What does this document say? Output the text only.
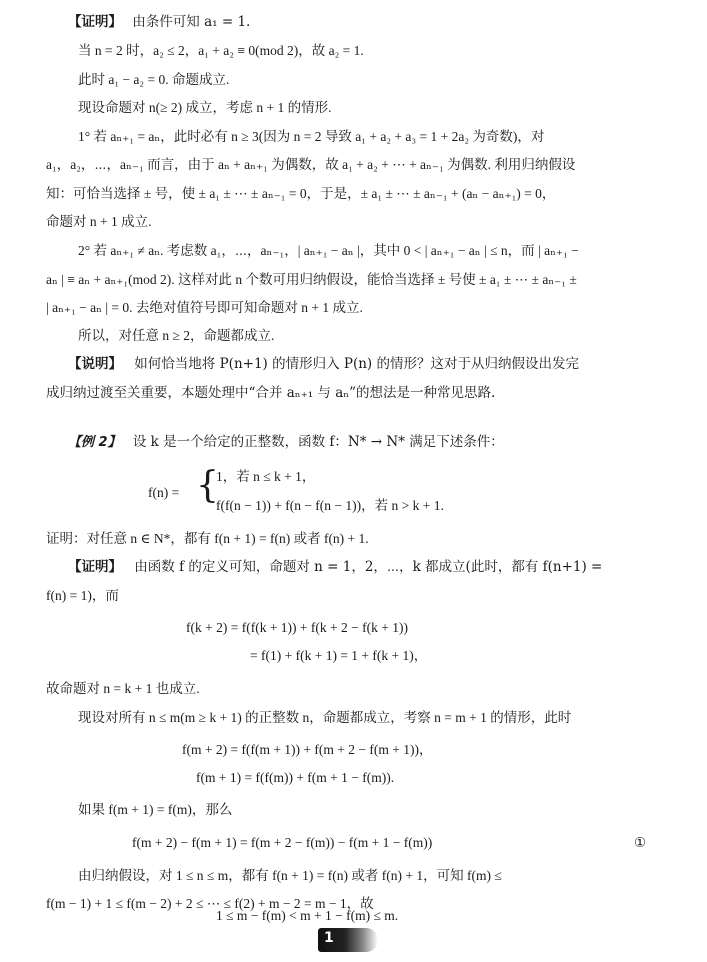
【证明】 由条件可知 a₁ = 1.
当 n = 2 时，a₂ ≤ 2，a₁ + a₂ ≡ 0(mod 2)，故 a₂ = 1.
此时 a₁ − a₂ = 0. 命题成立.
现设命题对 n(≥ 2) 成立，考虑 n + 1 的情形.
1° 若 aₙ₊₁ = aₙ，此时必有 n ≥ 3(因为 n = 2 导致 a₁ + a₂ + a₃ = 1 + 2a₂ 为奇数)，对
a₁，a₂，⋯，aₙ₋₁ 而言，由于 aₙ + aₙ₊₁ 为偶数，故 a₁ + a₂ + ⋯ + aₙ₋₁ 为偶数. 利用归纳假设
知：可恰当选择 ± 号，使 ± a₁ ± ⋯ ± aₙ₋₁ = 0，于是，± a₁ ± ⋯ ± aₙ₋₁ + (aₙ − aₙ₊₁) = 0，
命题对 n + 1 成立.
2° 若 aₙ₊₁ ≠ aₙ. 考虑数 a₁，⋯，aₙ₋₁，| aₙ₊₁ − aₙ |，其中 0 < | aₙ₊₁ − aₙ | ≤ n，而 | aₙ₊₁ −
aₙ | ≡ aₙ + aₙ₊₁(mod 2). 这样对此 n 个数可用归纳假设，能恰当选择 ± 号使 ± a₁ ± ⋯ ± aₙ₋₁ ±
| aₙ₊₁ − aₙ | = 0. 去绝对值符号即可知命题对 n + 1 成立.
所以，对任意 n ≥ 2，命题都成立.
【说明】 如何恰当地将 P(n+1) 的情形归入 P(n) 的情形？这对于从归纳假设出发完
成归纳过渡至关重要，本题处理中“合并 aₙ₊₁ 与 aₙ”的想法是一种常见思路.
【例 2】 设 k 是一个给定的正整数，函数 f：N* → N* 满足下述条件：
f(n) = {
1，若 n ≤ k + 1，
f(f(n − 1)) + f(n − f(n − 1))，若 n > k + 1.
证明：对任意 n ∈ N*，都有 f(n + 1) = f(n) 或者 f(n) + 1.
【证明】 由函数 f 的定义可知，命题对 n = 1，2，⋯，k 都成立(此时，都有 f(n+1) =
f(n) = 1)，而
f(k + 2) = f(f(k + 1)) + f(k + 2 − f(k + 1))
= f(1) + f(k + 1) = 1 + f(k + 1)，
故命题对 n = k + 1 也成立.
现设对所有 n ≤ m(m ≥ k + 1) 的正整数 n，命题都成立，考察 n = m + 1 的情形，此时
f(m + 2) = f(f(m + 1)) + f(m + 2 − f(m + 1))，
f(m + 1) = f(f(m)) + f(m + 1 − f(m)).
如果 f(m + 1) = f(m)，那么
f(m + 2) − f(m + 1) = f(m + 2 − f(m)) − f(m + 1 − f(m))	①
由归纳假设，对 1 ≤ n ≤ m，都有 f(n + 1) = f(n) 或者 f(n) + 1，可知 f(m) ≤
f(m − 1) + 1 ≤ f(m − 2) + 2 ≤ ⋯ ≤ f(2) + m − 2 = m − 1，故
1 ≤ m − f(m) < m + 1 − f(m) ≤ m.
1
